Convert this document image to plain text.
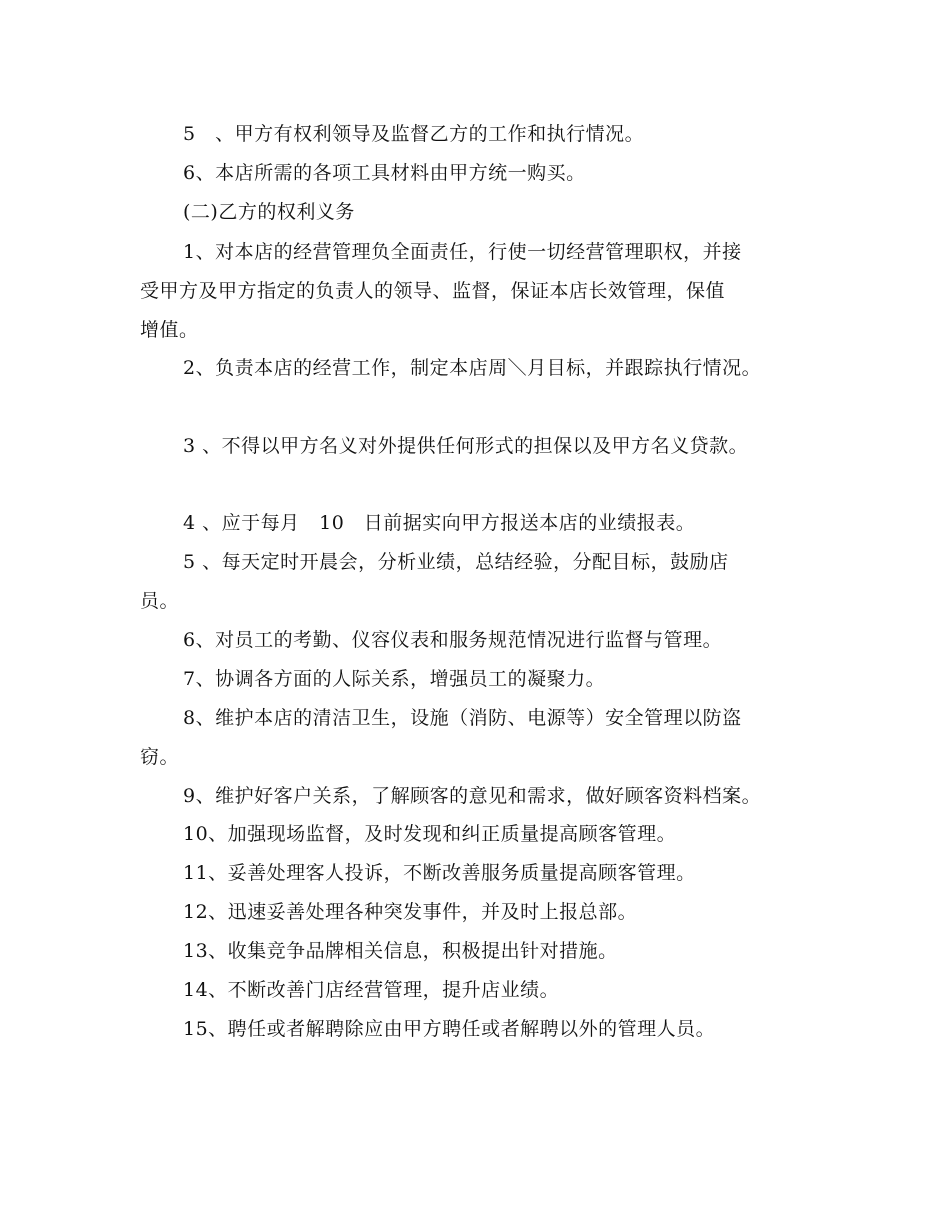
5　、甲方有权利领导及监督乙方的工作和执行情况。
6、本店所需的各项工具材料由甲方统一购买。
(二)乙方的权利义务
1、对本店的经营管理负全面责任，行使一切经营管理职权，并接
受甲方及甲方指定的负责人的领导、监督，保证本店长效管理，保值
增值。
2、负责本店的经营工作，制定本店周＼月目标，并跟踪执行情况。
3 、不得以甲方名义对外提供任何形式的担保以及甲方名义贷款。
4 、应于每月　10　日前据实向甲方报送本店的业绩报表。
5 、每天定时开晨会，分析业绩，总结经验，分配目标，鼓励店
员。
6、对员工的考勤、仪容仪表和服务规范情况进行监督与管理。
7、协调各方面的人际关系，增强员工的凝聚力。
8、维护本店的清洁卫生，设施（消防、电源等）安全管理以防盗
窃。
9、维护好客户关系，了解顾客的意见和需求，做好顾客资料档案。
10、加强现场监督，及时发现和纠正质量提高顾客管理。
11、妥善处理客人投诉，不断改善服务质量提高顾客管理。
12、迅速妥善处理各种突发事件，并及时上报总部。
13、收集竞争品牌相关信息，积极提出针对措施。
14、不断改善门店经营管理，提升店业绩。
15、聘任或者解聘除应由甲方聘任或者解聘以外的管理人员。
